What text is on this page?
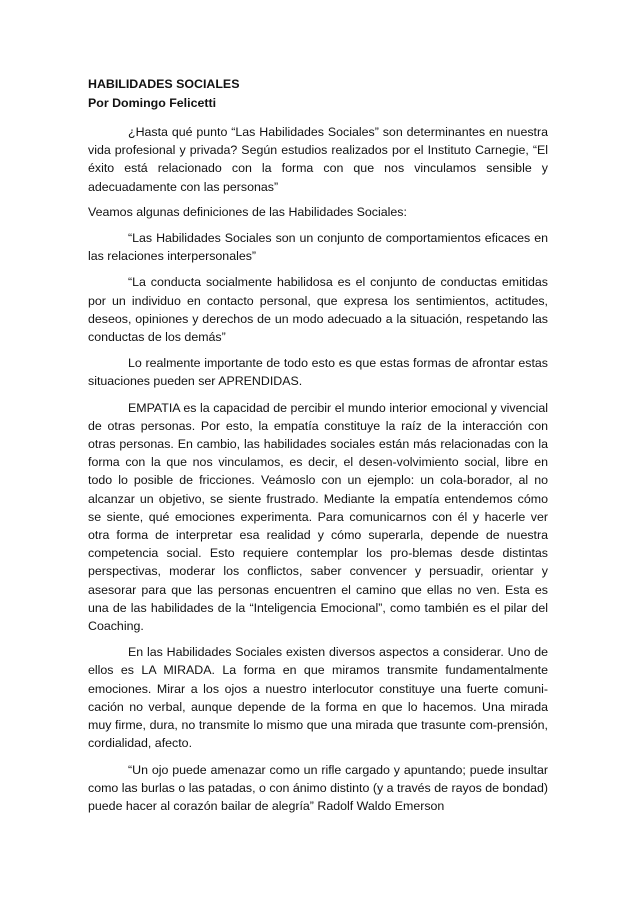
HABILIDADES SOCIALES

Por Domingo Felicetti

¿Hasta qué punto “Las Habilidades Sociales” son determinantes en nuestra vida profesional y privada? Según estudios realizados por el Instituto Carnegie, “El éxito está relacionado con la forma con que nos vinculamos sensible y adecuadamente con las personas”

Veamos algunas definiciones de las Habilidades Sociales:

“Las Habilidades Sociales son un conjunto de comportamientos eficaces en las relaciones interpersonales”

“La conducta socialmente habilidosa es el conjunto de conductas emitidas por un individuo en contacto personal, que expresa los sentimientos, actitudes, deseos, opiniones y derechos de un modo adecuado a la situación, respetando las conductas de los demás”

Lo realmente importante de todo esto es que estas formas de afrontar estas situaciones pueden ser APRENDIDAS.

EMPATIA es la capacidad de percibir el mundo interior emocional y vivencial de otras personas. Por esto, la empatía constituye la raíz de la interacción con otras personas. En cambio, las habilidades sociales están más relacionadas con la forma con la que nos vinculamos, es decir, el desen-volvimiento social, libre en todo lo posible de fricciones. Veámoslo con un ejemplo: un cola-borador, al no alcanzar un objetivo, se siente frustrado. Mediante la empatía entendemos cómo se siente, qué emociones experimenta. Para comunicarnos con él y hacerle ver otra forma de interpretar esa realidad y cómo superarla, depende de nuestra competencia social. Esto requiere contemplar los pro-blemas desde distintas perspectivas, moderar los conflictos, saber convencer y persuadir, orientar y asesorar para que las personas encuentren el camino que ellas no ven. Esta es una de las habilidades de la “Inteligencia Emocional”, como también es el pilar del Coaching.

En las Habilidades Sociales existen diversos aspectos a considerar. Uno de ellos es LA MIRADA. La forma en que miramos transmite fundamentalmente emociones. Mirar a los ojos a nuestro interlocutor constituye una fuerte comuni-cación no verbal, aunque depende de la forma en que lo hacemos. Una mirada muy firme, dura, no transmite lo mismo que una mirada que trasunte com-prensión, cordialidad, afecto.

“Un ojo puede amenazar como un rifle cargado y apuntando; puede insultar como las burlas o las patadas, o con ánimo distinto (y a través de rayos de bondad) puede hacer al corazón bailar de alegría” Radolf Waldo Emerson
